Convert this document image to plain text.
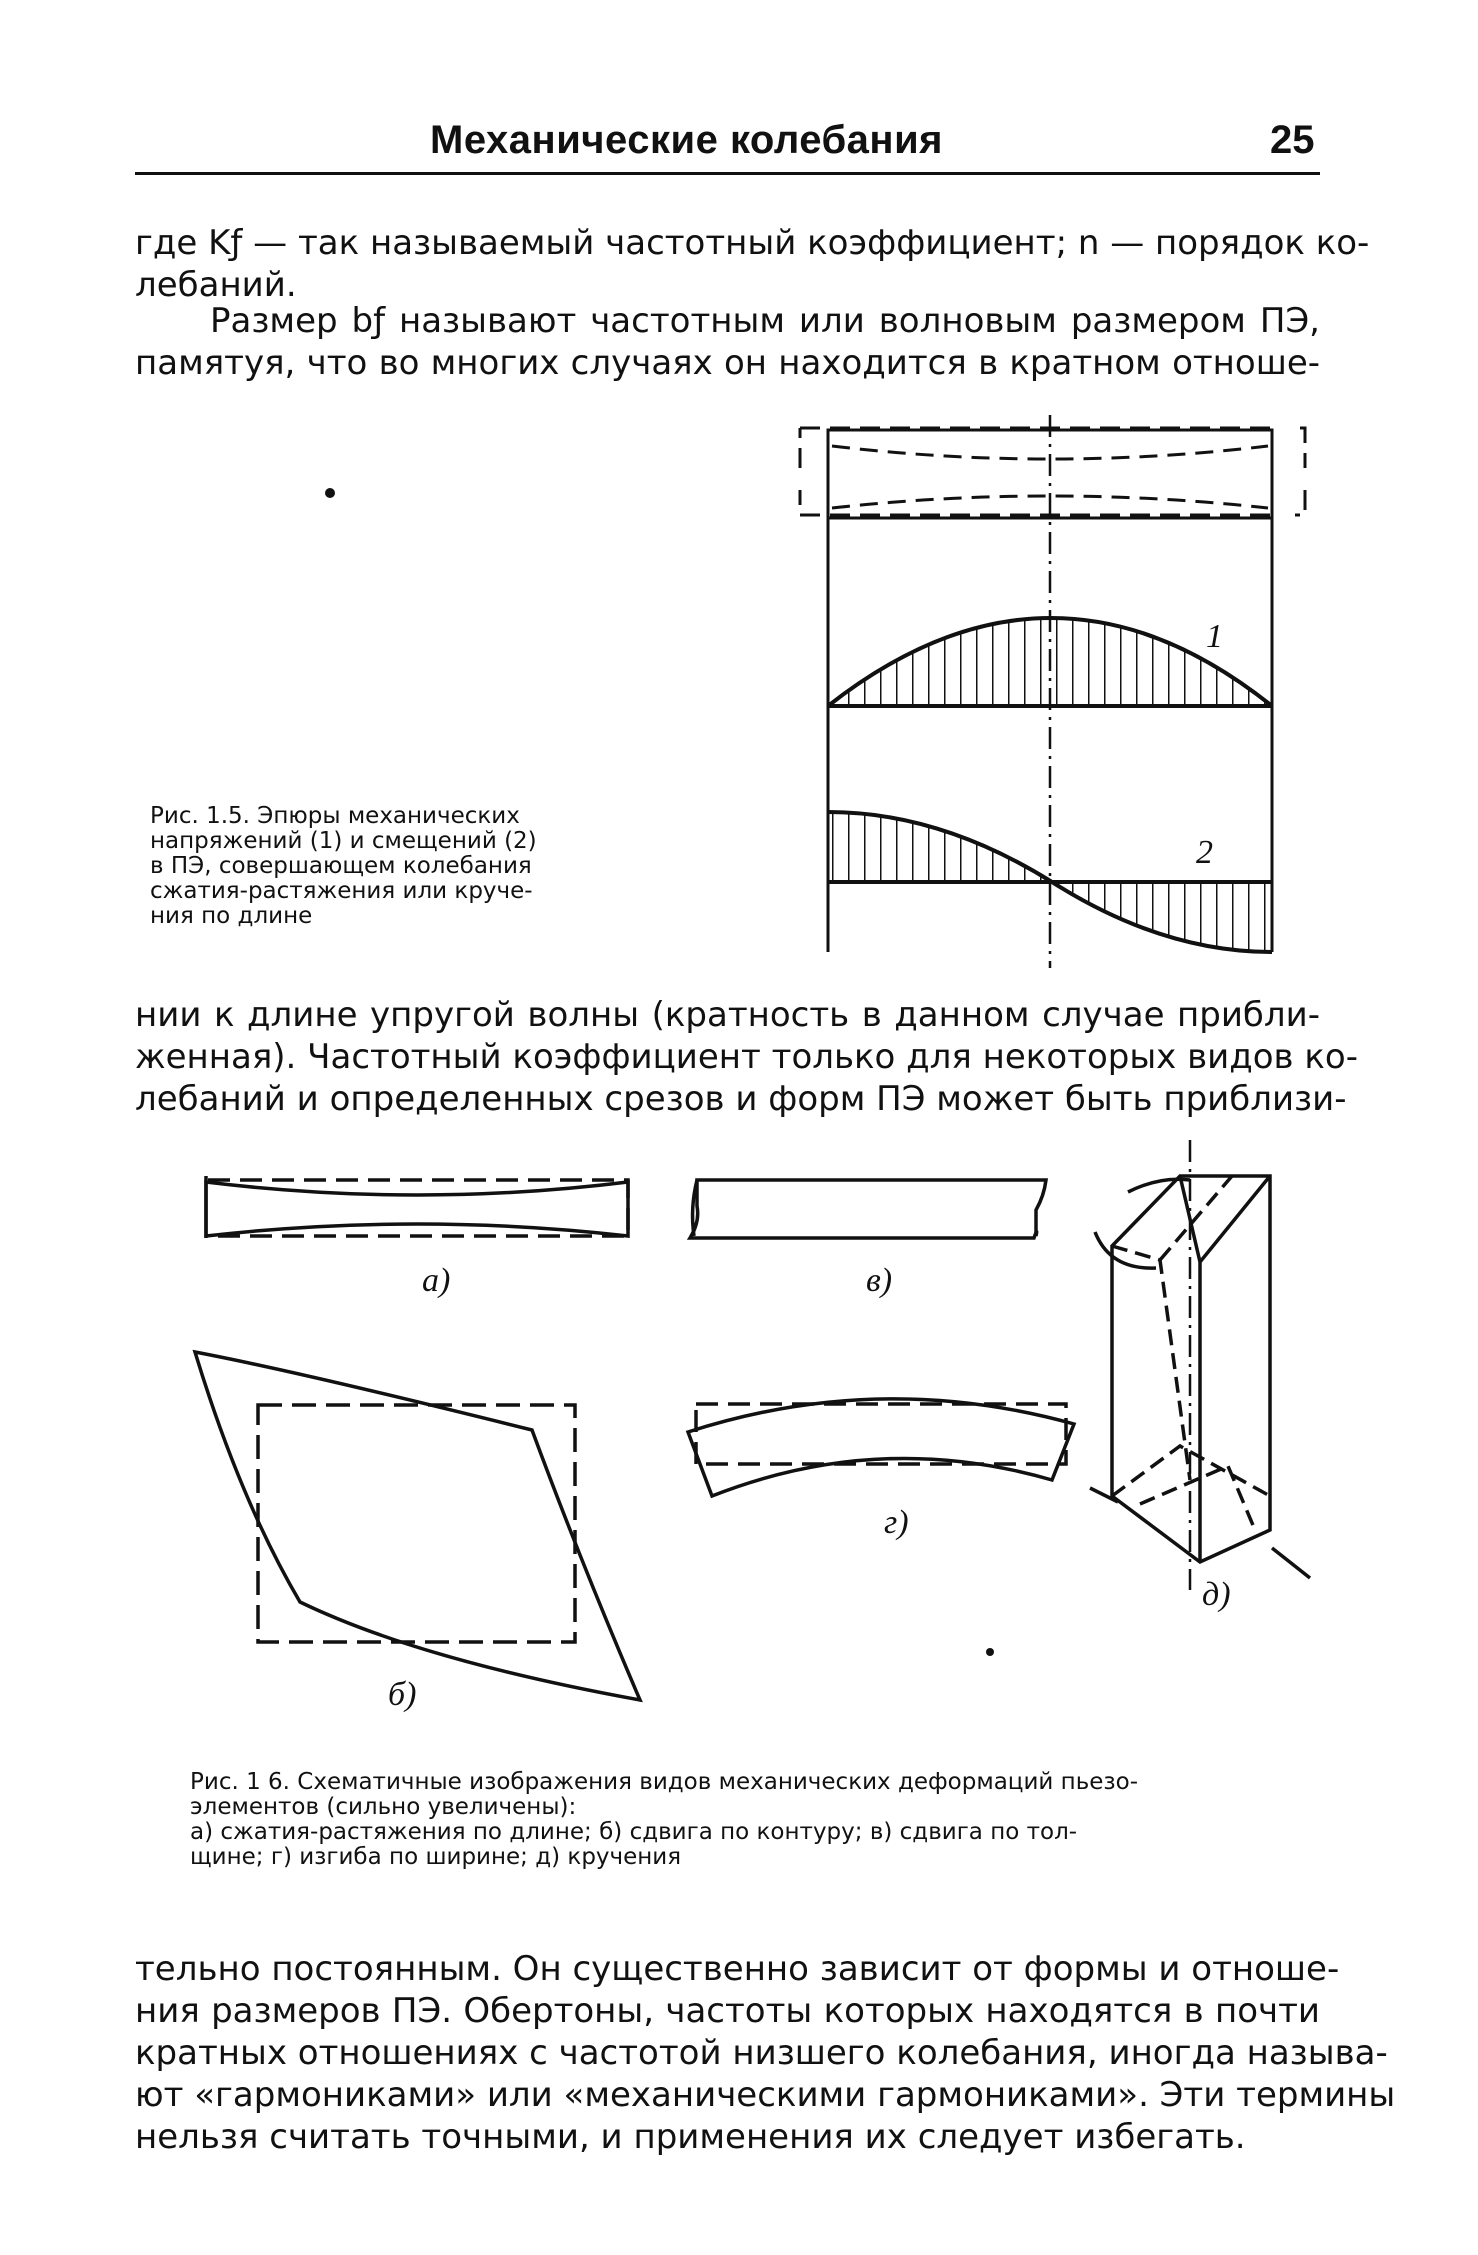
Механические колебания	25
где Kƒ — так называемый частотный коэффициент; n — порядок ко-
лебаний.
Размер bƒ называют частотным или волновым размером ПЭ,
памятуя, что во многих случаях он находится в кратном отноше-
Рис. 1.5. Эпюры механических
напряжений (1) и смещений (2)
в ПЭ, совершающем колебания
сжатия-растяжения или круче-
ния по длине
1
2
нии к длине упругой волны (кратность в данном случае прибли-
женная). Частотный коэффициент только для некоторых видов ко-
лебаний и определенных срезов и форм ПЭ может быть приблизи-
а)	в)
г)
д)
б)
Рис. 1 6. Схематичные изображения видов механических деформаций пьезо-
элементов (сильно увеличены):
а) сжатия-растяжения по длине; б) сдвига по контуру; в) сдвига по тол-
щине; г) изгиба по ширине; д) кручения
тельно постоянным. Он существенно зависит от формы и отноше-
ния размеров ПЭ. Обертоны, частоты которых находятся в почти
кратных отношениях с частотой низшего колебания, иногда называ-
ют «гармониками» или «механическими гармониками». Эти термины
нельзя считать точными, и применения их следует избегать.
